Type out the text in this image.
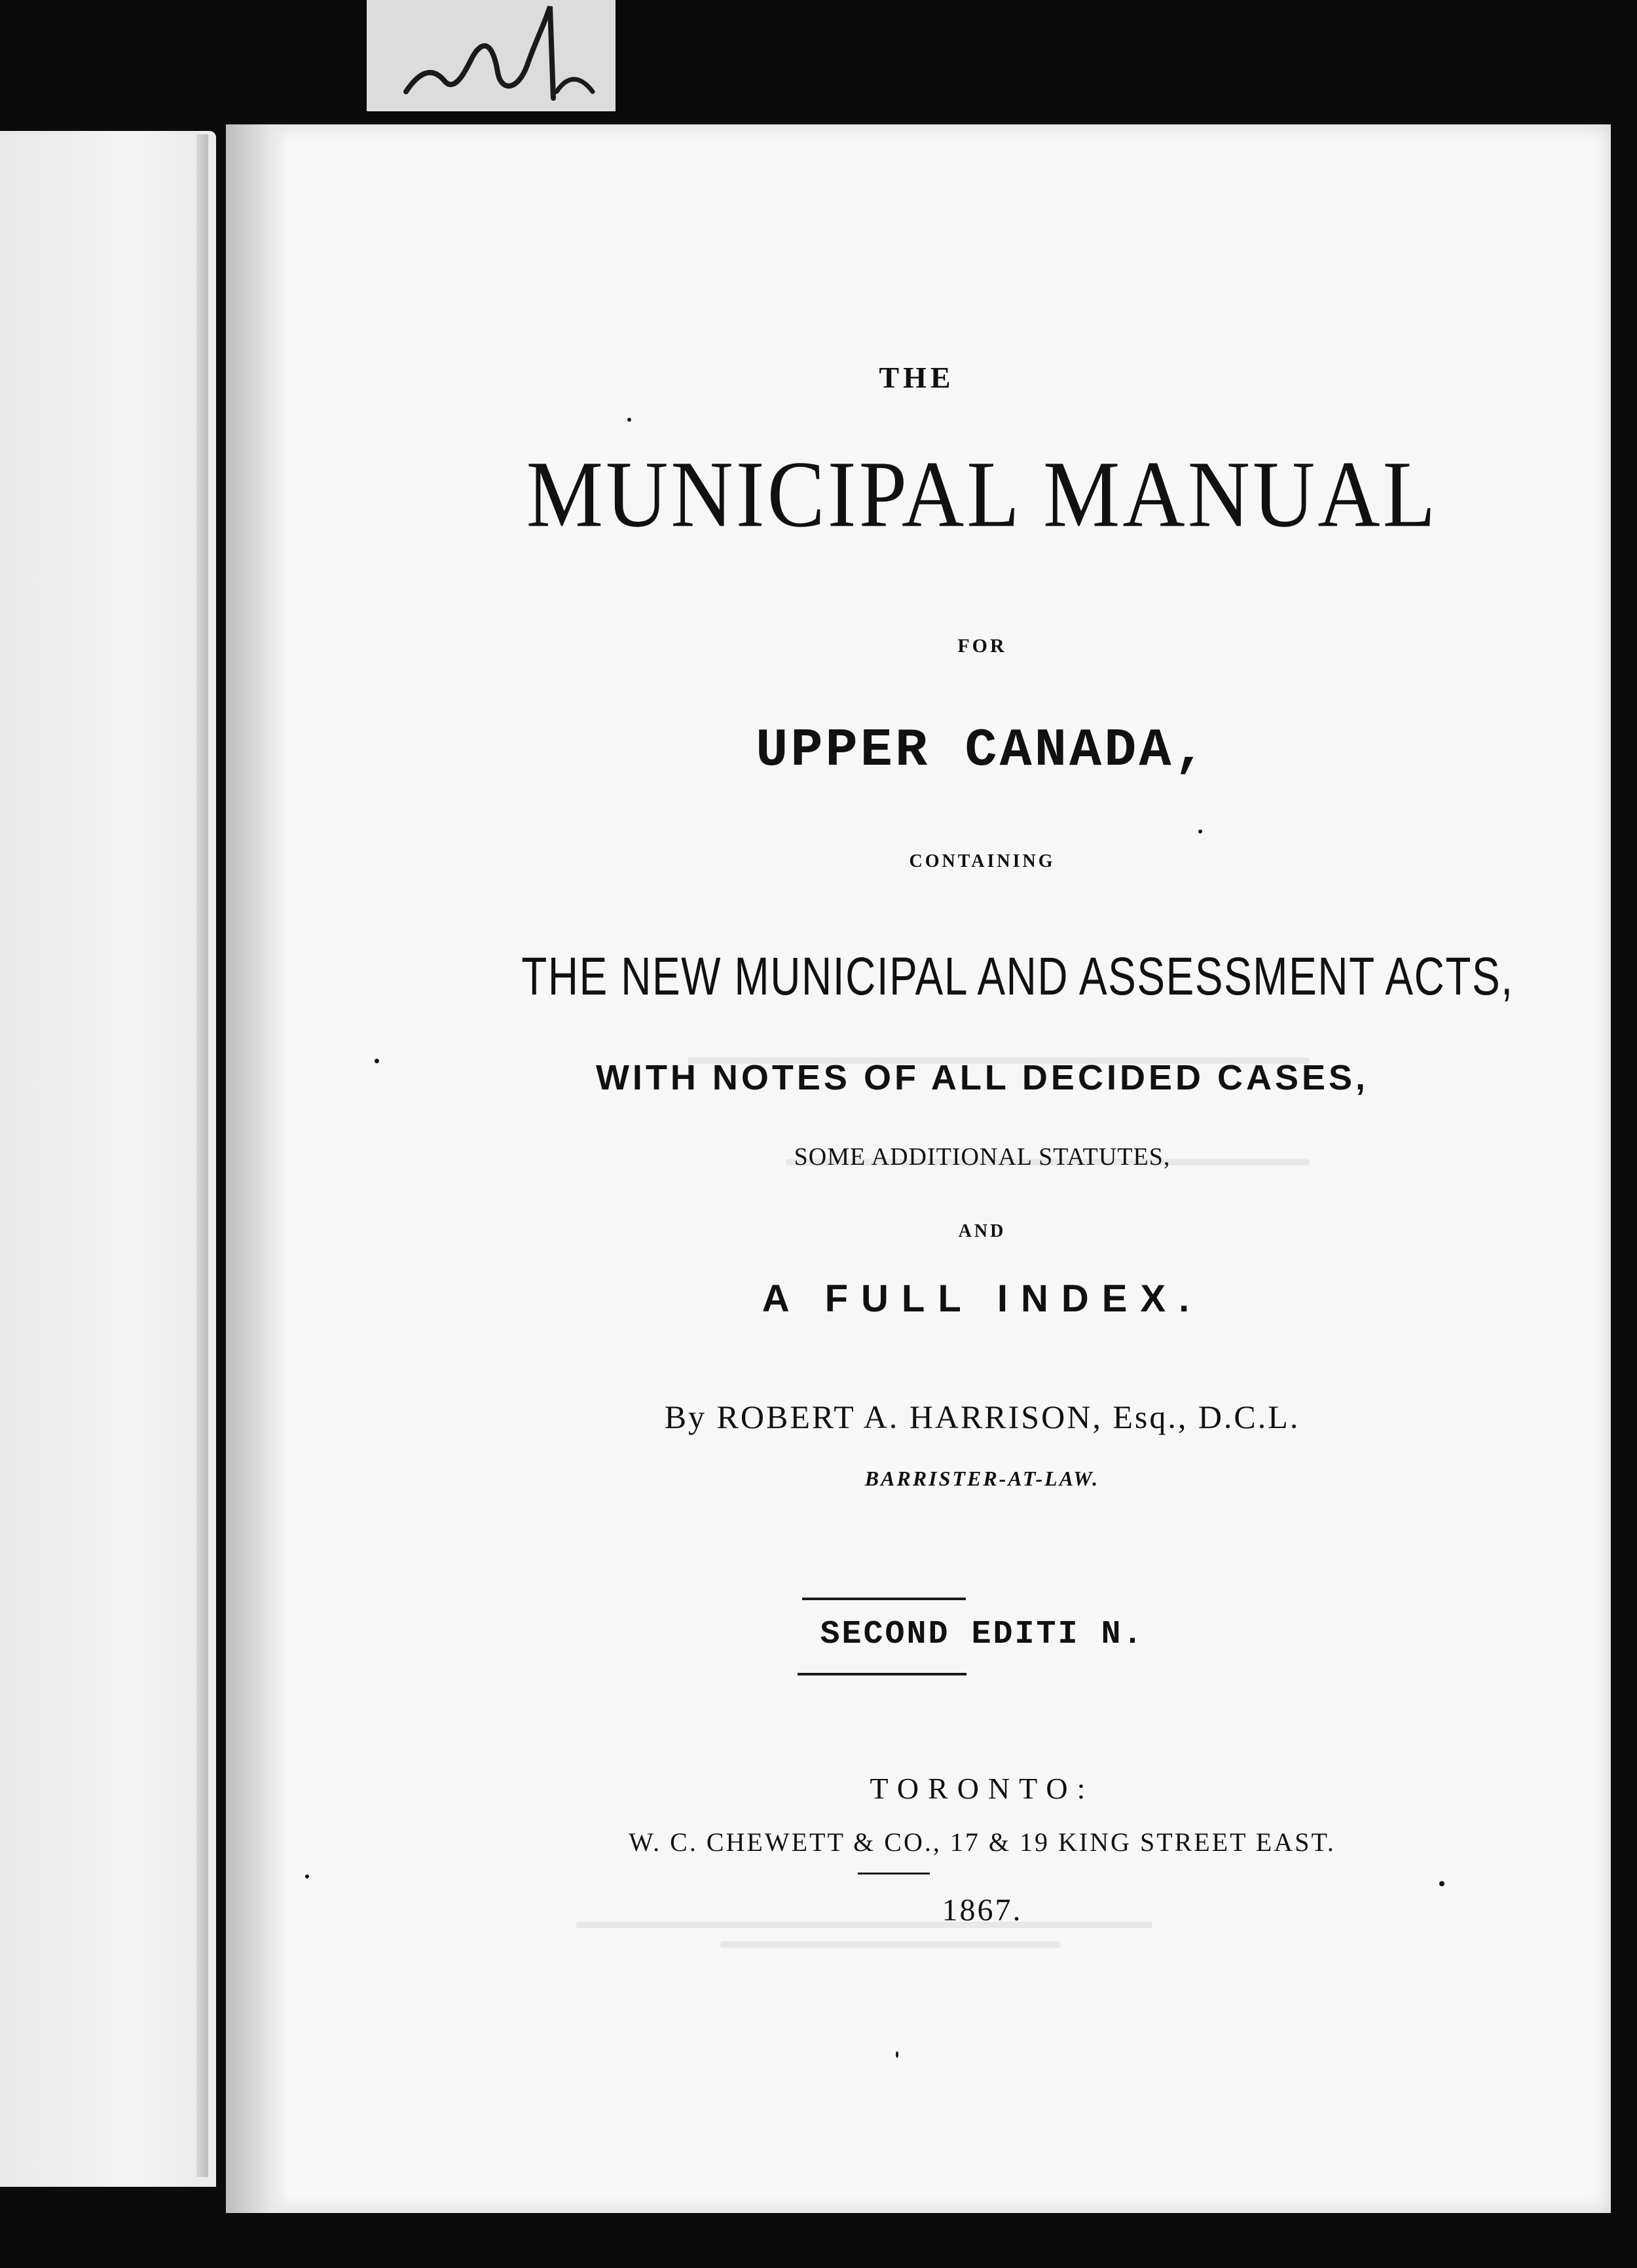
THE
MUNICIPAL MANUAL
FOR
UPPER CANADA,
CONTAINING
THE NEW MUNICIPAL AND ASSESSMENT ACTS,
WITH NOTES OF ALL DECIDED CASES,
SOME ADDITIONAL STATUTES,
AND
A FULL INDEX.
By ROBERT A. HARRISON, Esq., D.C.L.
BARRISTER-AT-LAW.
SECOND EDITI N.
TORONTO:
W. C. CHEWETT & CO., 17 & 19 KING STREET EAST.
1867.
